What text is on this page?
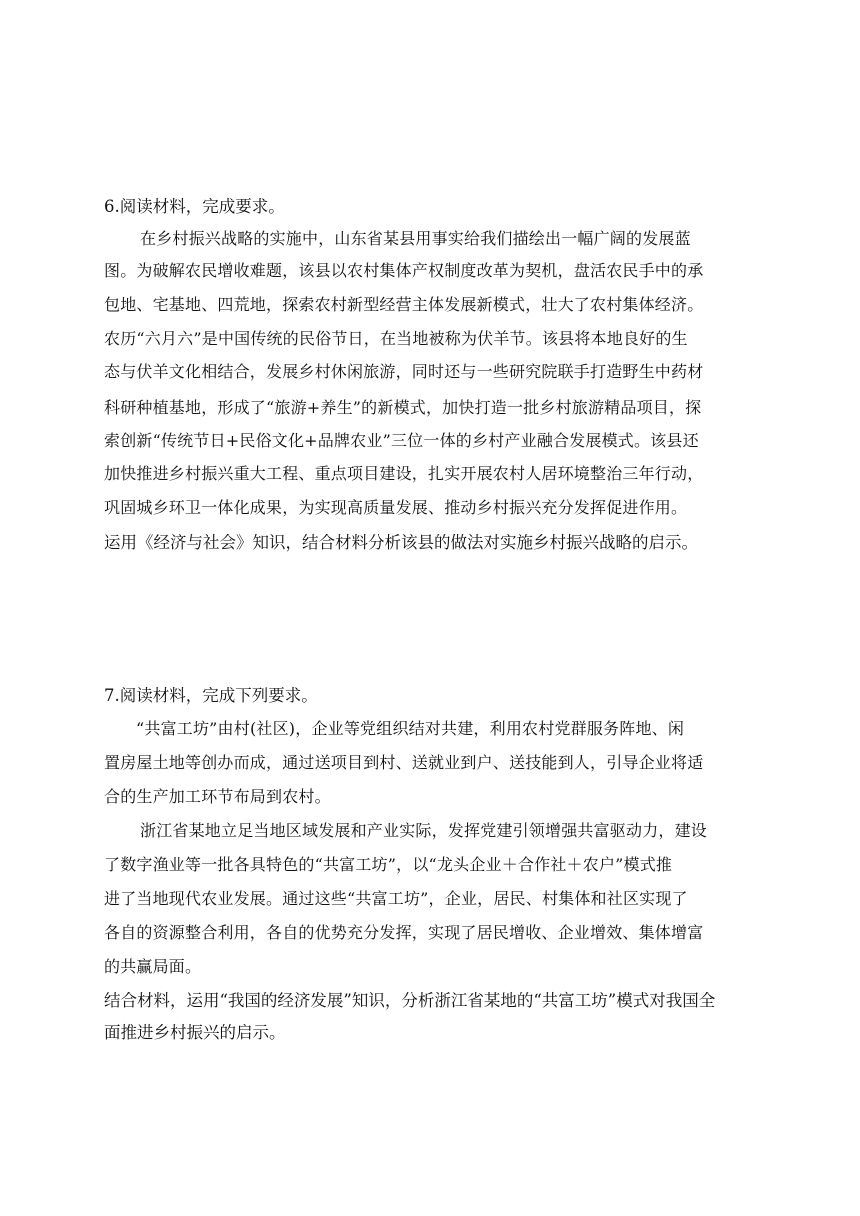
6.阅读材料，完成要求。
在乡村振兴战略的实施中，山东省某县用事实给我们描绘出一幅广阔的发展蓝
图。为破解农民增收难题，该县以农村集体产权制度改革为契机，盘活农民手中的承
包地、宅基地、四荒地，探索农村新型经营主体发展新模式，壮大了农村集体经济。
农历“六月六”是中国传统的民俗节日，在当地被称为伏羊节。该县将本地良好的生
态与伏羊文化相结合，发展乡村休闲旅游，同时还与一些研究院联手打造野生中药材
科研种植基地，形成了“旅游+养生”的新模式，加快打造一批乡村旅游精品项目，探
索创新“传统节日+民俗文化+品牌农业”三位一体的乡村产业融合发展模式。该县还
加快推进乡村振兴重大工程、重点项目建设，扎实开展农村人居环境整治三年行动，
巩固城乡环卫一体化成果，为实现高质量发展、推动乡村振兴充分发挥促进作用。
运用《经济与社会》知识，结合材料分析该县的做法对实施乡村振兴战略的启示。
7.阅读材料，完成下列要求。
“共富工坊”由村(社区)，企业等党组织结对共建，利用农村党群服务阵地、闲
置房屋土地等创办而成，通过送项目到村、送就业到户、送技能到人，引导企业将适
合的生产加工环节布局到农村。
浙江省某地立足当地区域发展和产业实际，发挥党建引领增强共富驱动力，建设
了数字渔业等一批各具特色的“共富工坊”，以“龙头企业＋合作社＋农户”模式推
进了当地现代农业发展。通过这些“共富工坊”，企业，居民、村集体和社区实现了
各自的资源整合利用，各自的优势充分发挥，实现了居民增收、企业增效、集体增富
的共赢局面。
结合材料，运用“我国的经济发展”知识，分析浙江省某地的“共富工坊”模式对我国全
面推进乡村振兴的启示。
